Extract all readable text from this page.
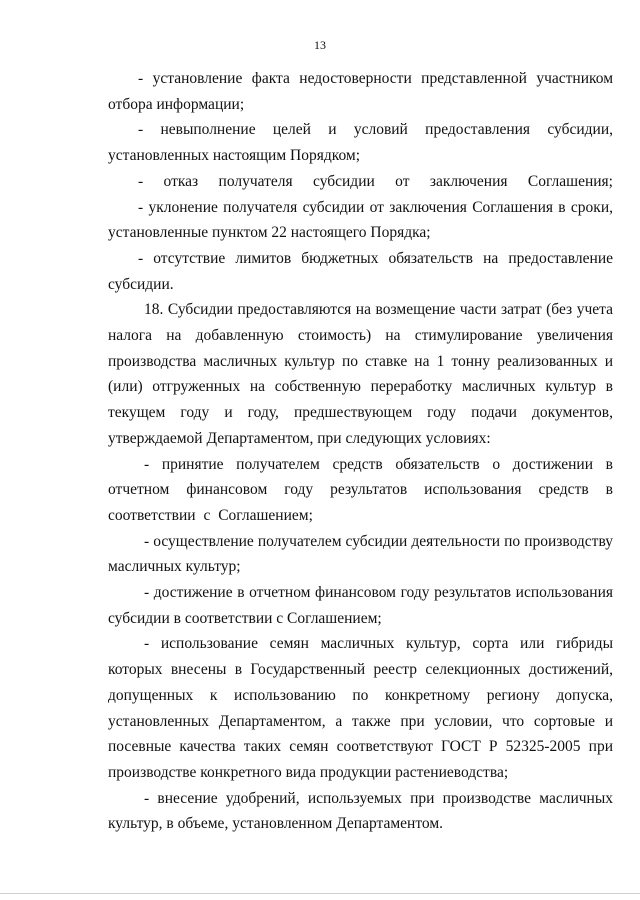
13

- установление факта недостоверности представленной участником отбора информации;

- невыполнение целей и условий предоставления субсидии, установленных настоящим Порядком;

- отказ получателя субсидии от заключения Соглашения;

- уклонение получателя субсидии от заключения Соглашения в сроки, установленные пунктом 22 настоящего Порядка;

- отсутствие лимитов бюджетных обязательств на предоставление субсидии.

18. Субсидии предоставляются на возмещение части затрат (без учета налога на добавленную стоимость) на стимулирование увеличения производства масличных культур по ставке на 1 тонну реализованных и (или) отгруженных на собственную переработку масличных культур в текущем году и году, предшествующем году подачи документов, утверждаемой Департаментом, при следующих условиях:

- принятие получателем средств обязательств о достижении в отчетном финансовом году результатов использования средств в соответствии с Соглашением;

- осуществление получателем субсидии деятельности по производству масличных культур;

- достижение в отчетном финансовом году результатов использования субсидии в соответствии с Соглашением;

- использование семян масличных культур, сорта или гибриды которых внесены в Государственный реестр селекционных достижений, допущенных к использованию по конкретному региону допуска, установленных Департаментом, а также при условии, что сортовые и посевные качества таких семян соответствуют ГОСТ Р 52325-2005 при производстве конкретного вида продукции растениеводства;

- внесение удобрений, используемых при производстве масличных культур, в объеме, установленном Департаментом.
